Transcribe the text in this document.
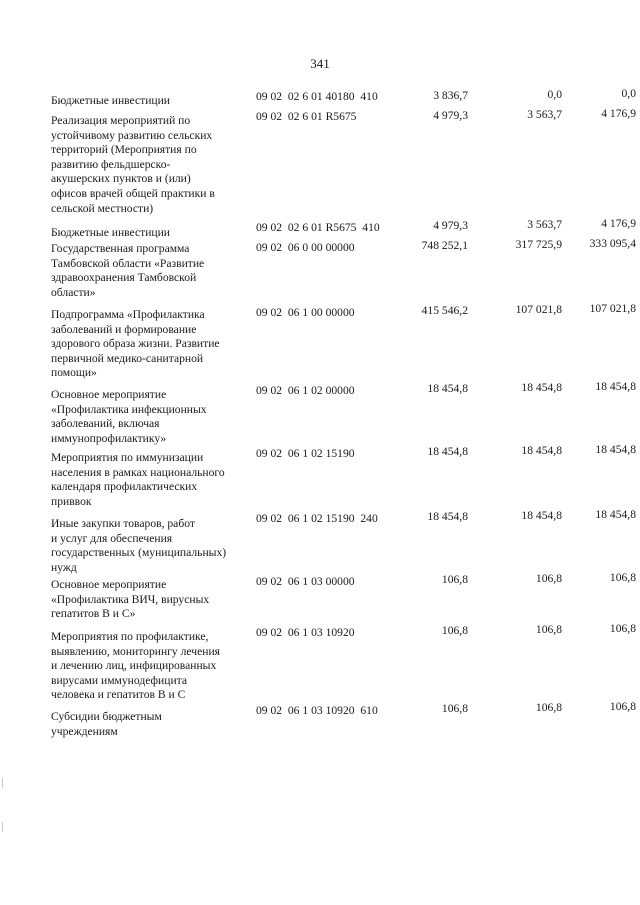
341
Бюджетные инвестиции	09 02  02 6 01 40180  410	3 836,7	0,0	0,0
Реализация мероприятий по
устойчивому развитию сельских
территорий (Мероприятия по
развитию фельдшерско-
акушерских пунктов и (или)
офисов врачей общей практики в
сельской местности)
09 02  02 6 01 R5675	4 979,3	3 563,7	4 176,9
Бюджетные инвестиции	09 02  02 6 01 R5675  410	4 979,3	3 563,7	4 176,9
Государственная программа
Тамбовской области «Развитие
здравоохранения Тамбовской
области»
09 02  06 0 00 00000	748 252,1	317 725,9	333 095,4
Подпрограмма «Профилактика
заболеваний и формирование
здорового образа жизни. Развитие
первичной медико-санитарной
помощи»
09 02  06 1 00 00000	415 546,2	107 021,8	107 021,8
Основное мероприятие
«Профилактика инфекционных
заболеваний, включая
иммунопрофилактику»
09 02  06 1 02 00000	18 454,8	18 454,8	18 454,8
Мероприятия по иммунизации
населения в рамках национального
календаря профилактических
приввок
09 02  06 1 02 15190	18 454,8	18 454,8	18 454,8
Иные закупки товаров, работ
и услуг для обеспечения
государственных (муниципальных)
нужд
09 02  06 1 02 15190  240	18 454,8	18 454,8	18 454,8
Основное мероприятие
«Профилактика ВИЧ, вирусных
гепатитов В и С»
09 02  06 1 03 00000	106,8	106,8	106,8
Мероприятия по профилактике,
выявлению, мониторингу лечения
и лечению лиц, инфицированных
вирусами иммунодефицита
человека и гепатитов В и С
09 02  06 1 03 10920	106,8	106,8	106,8
Субсидии бюджетным
учреждениям
09 02  06 1 03 10920  610	106,8	106,8	106,8
